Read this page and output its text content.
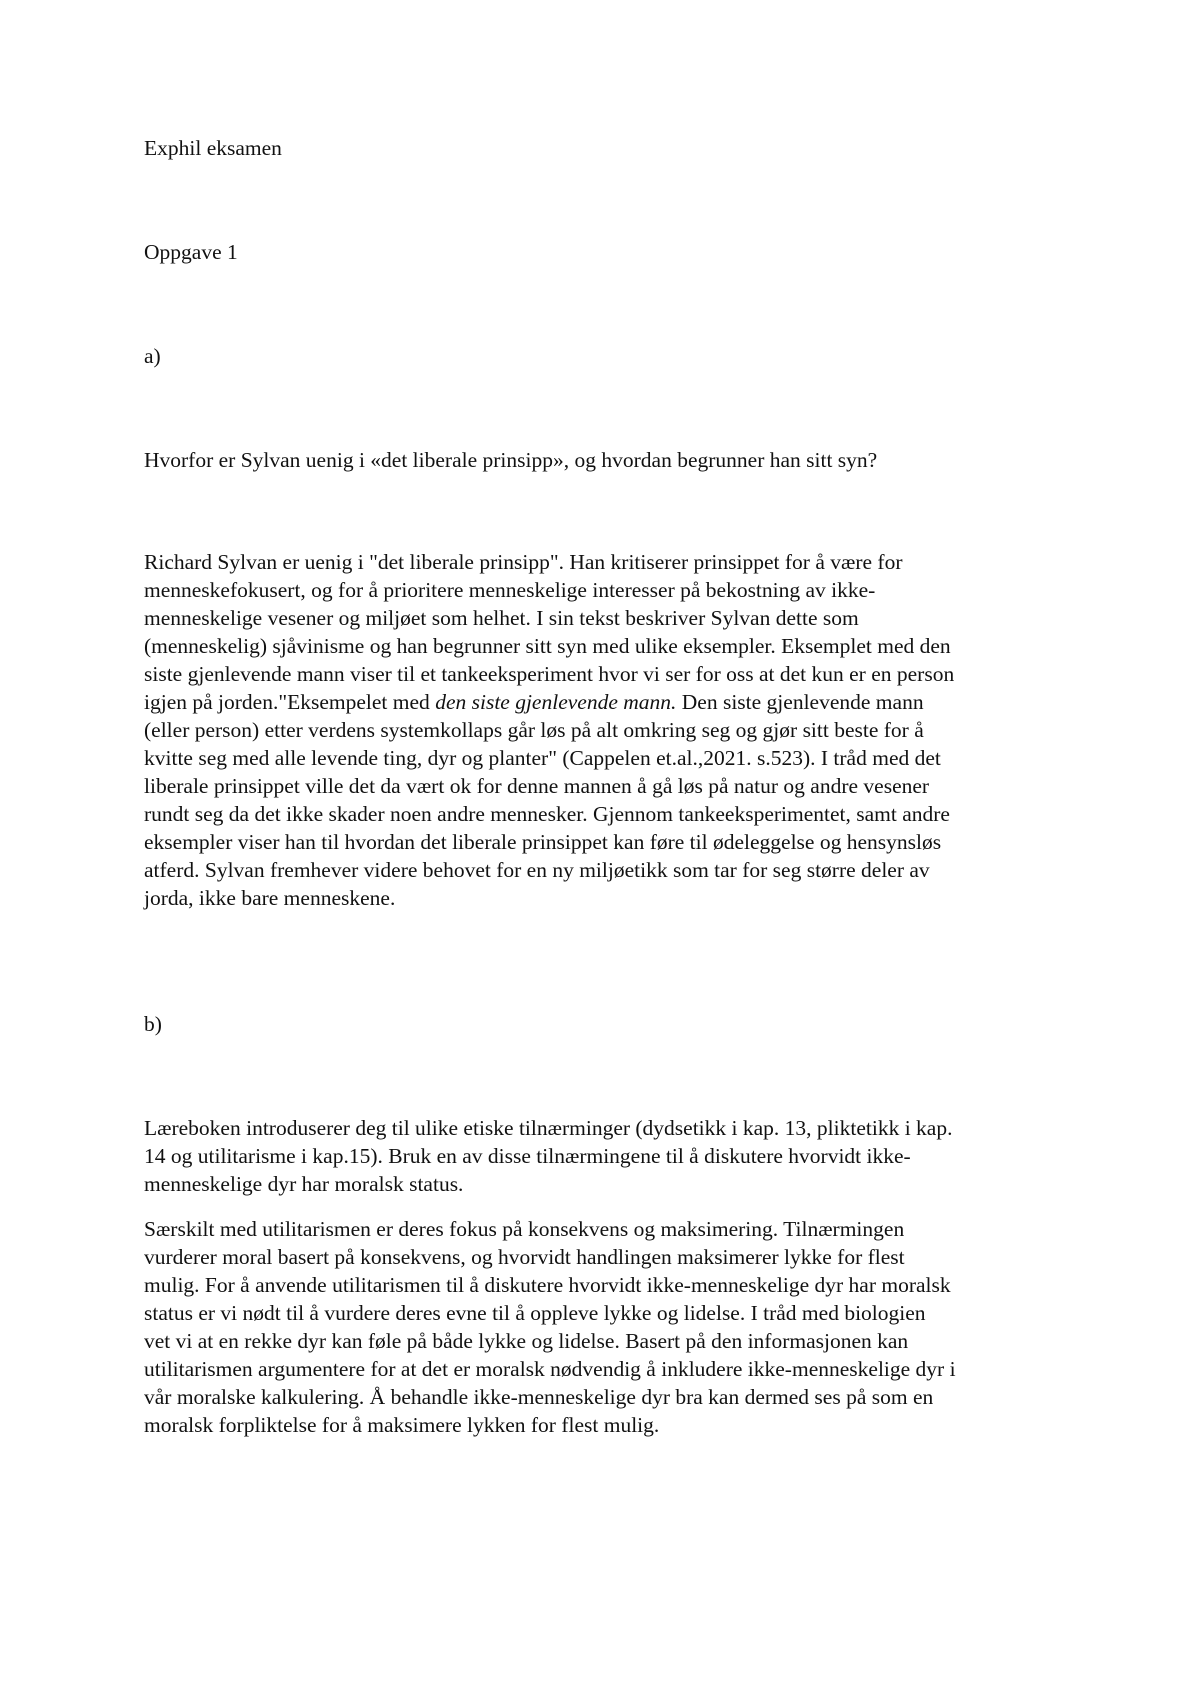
Exphil eksamen

Oppgave 1

a)

Hvorfor er Sylvan uenig i «det liberale prinsipp», og hvordan begrunner han sitt syn?

Richard Sylvan er uenig i "det liberale prinsipp". Han kritiserer prinsippet for å være for
menneskefokusert, og for å prioritere menneskelige interesser på bekostning av ikke-
menneskelige vesener og miljøet som helhet. I sin tekst beskriver Sylvan dette som
(menneskelig) sjåvinisme og han begrunner sitt syn med ulike eksempler. Eksemplet med den
siste gjenlevende mann viser til et tankeeksperiment hvor vi ser for oss at det kun er en person
igjen på jorden."Eksempelet med den siste gjenlevende mann. Den siste gjenlevende mann
(eller person) etter verdens systemkollaps går løs på alt omkring seg og gjør sitt beste for å
kvitte seg med alle levende ting, dyr og planter" (Cappelen et.al.,2021. s.523). I tråd med det
liberale prinsippet ville det da vært ok for denne mannen å gå løs på natur og andre vesener
rundt seg da det ikke skader noen andre mennesker. Gjennom tankeeksperimentet, samt andre
eksempler viser han til hvordan det liberale prinsippet kan føre til ødeleggelse og hensynsløs
atferd. Sylvan fremhever videre behovet for en ny miljøetikk som tar for seg større deler av
jorda, ikke bare menneskene.

b)

Læreboken introduserer deg til ulike etiske tilnærminger (dydsetikk i kap. 13, pliktetikk i kap.
14 og utilitarisme i kap.15). Bruk en av disse tilnærmingene til å diskutere hvorvidt ikke-
menneskelige dyr har moralsk status.
Særskilt med utilitarismen er deres fokus på konsekvens og maksimering. Tilnærmingen
vurderer moral basert på konsekvens, og hvorvidt handlingen maksimerer lykke for flest
mulig. For å anvende utilitarismen til å diskutere hvorvidt ikke-menneskelige dyr har moralsk
status er vi nødt til å vurdere deres evne til å oppleve lykke og lidelse. I tråd med biologien
vet vi at en rekke dyr kan føle på både lykke og lidelse. Basert på den informasjonen kan
utilitarismen argumentere for at det er moralsk nødvendig å inkludere ikke-menneskelige dyr i
vår moralske kalkulering. Å behandle ikke-menneskelige dyr bra kan dermed ses på som en
moralsk forpliktelse for å maksimere lykken for flest mulig.
